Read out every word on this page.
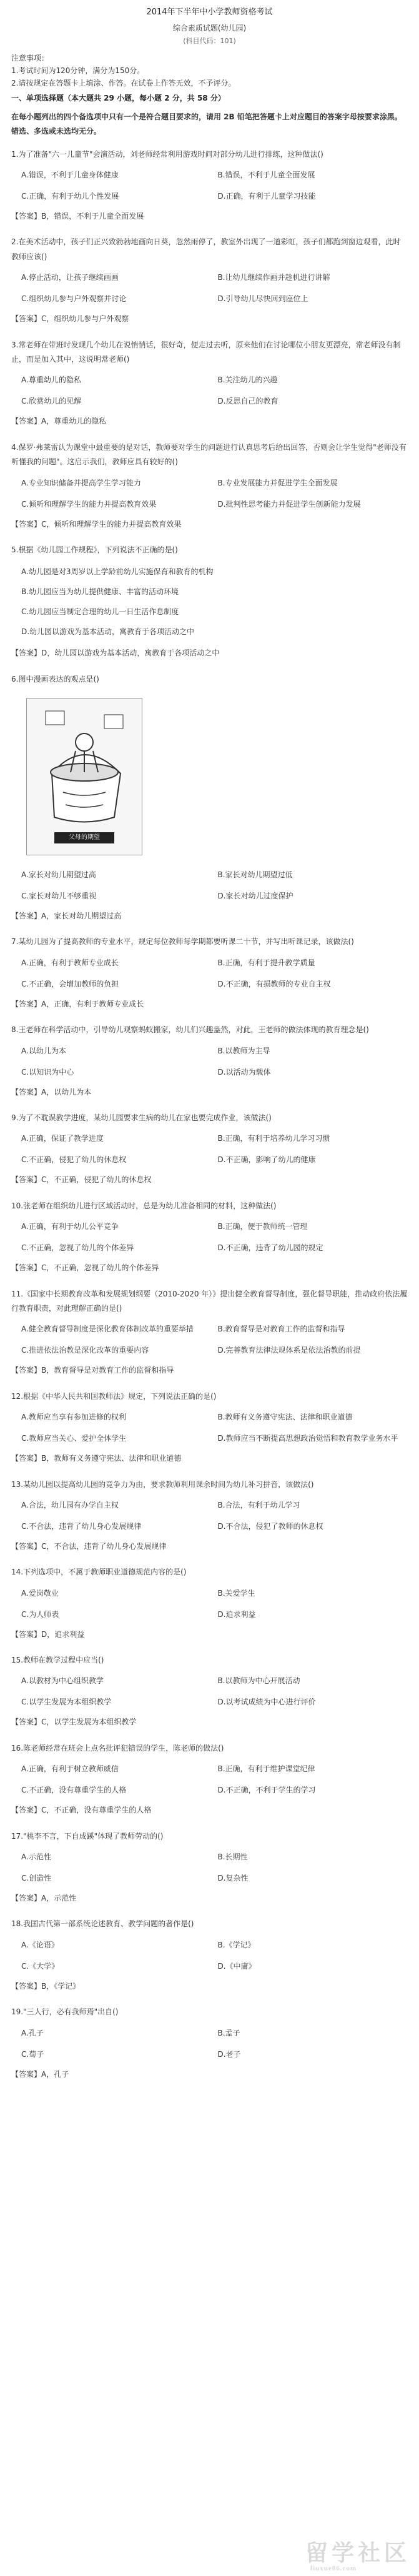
2014年下半年中小学教师资格考试
综合素质试题(幼儿园)
(科目代码：101)
注意事项：
1.考试时间为120分钟，满分为150分。
2.请按规定在答题卡上填涂、作答。在试卷上作答无效，不予评分。
一、单项选择题（本大题共 29 小题，每小题 2 分，共 58 分）
在每小题列出的四个备选项中只有一个是符合题目要求的，请用 2B 铅笔把答题卡上对应题目的答案字母按要求涂黑。错选、多选或未选均无分。
1.为了准备"六一儿童节"会演活动，刘老师经常利用游戏时间对部分幼儿进行排练，这种做法()
A.错误，不利于儿童身体健康	B.错误，不利于儿童全面发展
C.正确，有利于幼儿个性发展	D.正确，有利于儿童学习技能
【答案】B，错误，不利于儿童全面发展
2.在美术活动中，孩子们正兴致勃勃地画向日葵，忽然雨停了，教室外出现了一道彩虹，孩子们都跑到窗边观看，此时教师应该()
A.停止活动，让孩子继续画画	B.让幼儿继续作画并趁机进行讲解
C.组织幼儿参与户外观察并讨论	D.引导幼儿尽快回到座位上
【答案】C，组织幼儿参与户外观察
3.常老师在带班时发现几个幼儿在说悄悄话，很好奇，便走过去听，原来他们在讨论哪位小朋友更漂亮，常老师没有制止，而是加入其中，这说明常老师()
A.尊重幼儿的隐私	B.关注幼儿的兴趣
C.欣赏幼儿的见解	D.反思自己的教育
【答案】A，尊重幼儿的隐私
4.保罗·弗莱雷认为课堂中最重要的是对话，教师要对学生的问题进行认真思考后给出回答，否则会让学生觉得"老师没有听懂我的问题"。这启示我们，教师应具有较好的()
A.专业知识储备并提高学生学习能力	B.专业发展能力并促进学生全面发展
C.倾听和理解学生的能力并提高教育效果	D.批判性思考能力并促进学生创新能力发展
【答案】C，倾听和理解学生的能力并提高教育效果
5.根据《幼儿园工作规程》，下列说法不正确的是()
A.幼儿园是对3周岁以上学龄前幼儿实施保育和教育的机构
B.幼儿园应当为幼儿提供健康、丰富的活动环境
C.幼儿园应当制定合理的幼儿一日生活作息制度
D.幼儿园以游戏为基本活动，寓教育于各项活动之中
【答案】D，幼儿园以游戏为基本活动，寓教育于各项活动之中
6.图中漫画表达的观点是()
父母的期望
A.家长对幼儿期望过高	B.家长对幼儿期望过低
C.家长对幼儿不够重视	D.家长对幼儿过度保护
【答案】A，家长对幼儿期望过高
7.某幼儿园为了提高教师的专业水平，规定每位教师每学期都要听课二十节，并写出听课记录，该做法()
A.正确，有利于教师专业成长	B.正确，有利于提升教学质量
C.不正确，会增加教师的负担	D.不正确，有损教师的专业自主权
【答案】A，正确，有利于教师专业成长
8.王老师在科学活动中，引导幼儿观察蚂蚁搬家，幼儿们兴趣盎然，对此，王老师的做法体现的教育理念是()
A.以幼儿为本	B.以教师为主导
C.以知识为中心	D.以活动为载体
【答案】A，以幼儿为本
9.为了不耽误教学进度，某幼儿园要求生病的幼儿在家也要完成作业，该做法()
A.正确，保证了教学进度	B.正确，有利于培养幼儿学习习惯
C.不正确，侵犯了幼儿的休息权	D.不正确，影响了幼儿的健康
【答案】C，不正确，侵犯了幼儿的休息权
10.张老师在组织幼儿进行区域活动时，总是为幼儿准备相同的材料，这种做法()
A.正确，有利于幼儿公平竞争	B.正确，便于教师统一管理
C.不正确，忽视了幼儿的个体差异	D.不正确，违背了幼儿园的规定
【答案】C，不正确，忽视了幼儿的个体差异
11.《国家中长期教育改革和发展规划纲要（2010-2020 年）》提出健全教育督导制度，强化督导职能，推动政府依法履行教育职责，对此理解正确的是()
A.健全教育督导制度是深化教育体制改革的重要举措	B.教育督导是对教育工作的监督和指导
C.推进依法治教是深化改革的重要内容	D.完善教育法律法规体系是依法治教的前提
【答案】B，教育督导是对教育工作的监督和指导
12.根据《中华人民共和国教师法》规定，下列说法正确的是()
A.教师应当享有参加进修的权利	B.教师有义务遵守宪法、法律和职业道德
C.教师应当关心、爱护全体学生	D.教师应当不断提高思想政治觉悟和教育教学业务水平
【答案】B，教师有义务遵守宪法、法律和职业道德
13.某幼儿园以提高幼儿园的竞争力为由，要求教师利用课余时间为幼儿补习拼音，该做法()
A.合法，幼儿园有办学自主权	B.合法，有利于幼儿学习
C.不合法，违背了幼儿身心发展规律	D.不合法，侵犯了教师的休息权
【答案】C，不合法，违背了幼儿身心发展规律
14.下列选项中，不属于教师职业道德规范内容的是()
A.爱岗敬业	B.关爱学生
C.为人师表	D.追求利益
【答案】D，追求利益
15.教师在教学过程中应当()
A.以教材为中心组织教学	B.以教师为中心开展活动
C.以学生发展为本组织教学	D.以考试成绩为中心进行评价
【答案】C，以学生发展为本组织教学
16.陈老师经常在班会上点名批评犯错误的学生，陈老师的做法()
A.正确，有利于树立教师威信	B.正确，有利于维护课堂纪律
C.不正确，没有尊重学生的人格	D.不正确，不利于学生的学习
【答案】C，不正确，没有尊重学生的人格
17."桃李不言，下自成蹊"体现了教师劳动的()
A.示范性	B.长期性
C.创造性	D.复杂性
【答案】A，示范性
18.我国古代第一部系统论述教育、教学问题的著作是()
A.《论语》	B.《学记》
C.《大学》	D.《中庸》
【答案】B，《学记》
19."三人行，必有我师焉"出自()
A.孔子	B.孟子
C.荀子	D.老子
【答案】A，孔子
留学社区
liuxue86.com
